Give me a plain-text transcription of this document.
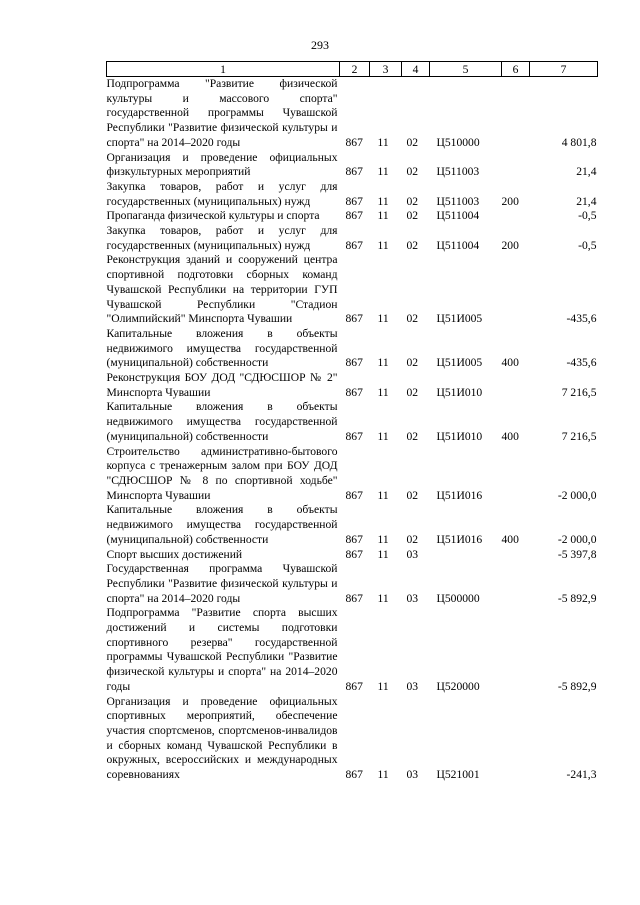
293
1	2	3	4	5	6	7
Подпрограмма "Развитие физической культуры и массового спорта" государственной программы Чувашской Республики "Развитие физической культуры и спорта" на 2014–2020 годы	867	11	02	Ц510000		4 801,8
Организация и проведение официальных физкультурных мероприятий	867	11	02	Ц511003		21,4
Закупка товаров, работ и услуг для государственных (муниципальных) нужд	867	11	02	Ц511003	200	21,4
Пропаганда физической культуры и спорта	867	11	02	Ц511004		-0,5
Закупка товаров, работ и услуг для государственных (муниципальных) нужд	867	11	02	Ц511004	200	-0,5
Реконструкция зданий и сооружений центра спортивной подготовки сборных команд Чувашской Республики на территории ГУП Чувашской Республики "Стадион "Олимпийский" Минспорта Чувашии	867	11	02	Ц51И005		-435,6
Капитальные вложения в объекты недвижимого имущества государственной (муниципальной) собственности	867	11	02	Ц51И005	400	-435,6
Реконструкция БОУ ДОД "СДЮСШОР № 2" Минспорта Чувашии	867	11	02	Ц51И010		7 216,5
Капитальные вложения в объекты недвижимого имущества государственной (муниципальной) собственности	867	11	02	Ц51И010	400	7 216,5
Строительство административно-бытового корпуса с тренажерным залом при БОУ ДОД "СДЮСШОР № 8 по спортивной ходьбе" Минспорта Чувашии	867	11	02	Ц51И016		-2 000,0
Капитальные вложения в объекты недвижимого имущества государственной (муниципальной) собственности	867	11	02	Ц51И016	400	-2 000,0
Спорт высших достижений	867	11	03			-5 397,8
Государственная программа Чувашской Республики "Развитие физической культуры и спорта" на 2014–2020 годы	867	11	03	Ц500000		-5 892,9
Подпрограмма "Развитие спорта высших достижений и системы подготовки спортивного резерва" государственной программы Чувашской Республики "Развитие физической культуры и спорта" на 2014–2020 годы	867	11	03	Ц520000		-5 892,9
Организация и проведение официальных спортивных мероприятий, обеспечение участия спортсменов, спортсменов-инвалидов и сборных команд Чувашской Республики в окружных, всероссийских и международных соревнованиях	867	11	03	Ц521001		-241,3
